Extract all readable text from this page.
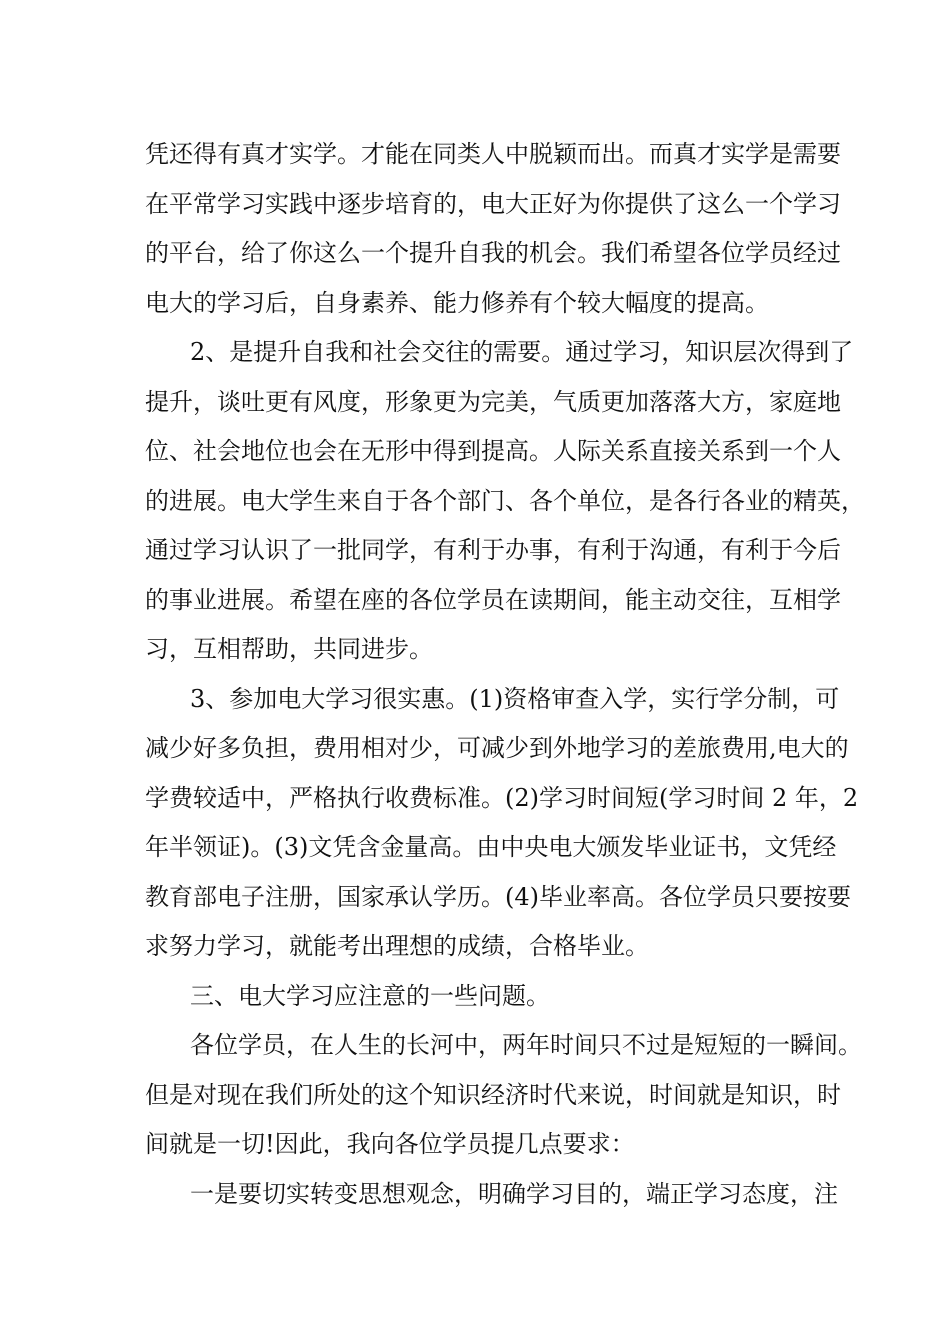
凭还得有真才实学。才能在同类人中脱颖而出。而真才实学是需要
在平常学习实践中逐步培育的，电大正好为你提供了这么一个学习
的平台，给了你这么一个提升自我的机会。我们希望各位学员经过
电大的学习后，自身素养、能力修养有个较大幅度的提高。
2、是提升自我和社会交往的需要。通过学习，知识层次得到了
提升，谈吐更有风度，形象更为完美，气质更加落落大方，家庭地
位、社会地位也会在无形中得到提高。人际关系直接关系到一个人
的进展。电大学生来自于各个部门、各个单位，是各行各业的精英，
通过学习认识了一批同学，有利于办事，有利于沟通，有利于今后
的事业进展。希望在座的各位学员在读期间，能主动交往，互相学
习，互相帮助，共同进步。
3、参加电大学习很实惠。(1)资格审查入学，实行学分制，可
减少好多负担，费用相对少，可减少到外地学习的差旅费用,电大的
学费较适中，严格执行收费标准。(2)学习时间短(学习时间 2 年，2
年半领证)。(3)文凭含金量高。由中央电大颁发毕业证书，文凭经
教育部电子注册，国家承认学历。(4)毕业率高。各位学员只要按要
求努力学习，就能考出理想的成绩，合格毕业。
三、电大学习应注意的一些问题。
各位学员，在人生的长河中，两年时间只不过是短短的一瞬间。
但是对现在我们所处的这个知识经济时代来说，时间就是知识，时
间就是一切!因此，我向各位学员提几点要求：
一是要切实转变思想观念，明确学习目的，端正学习态度，注
